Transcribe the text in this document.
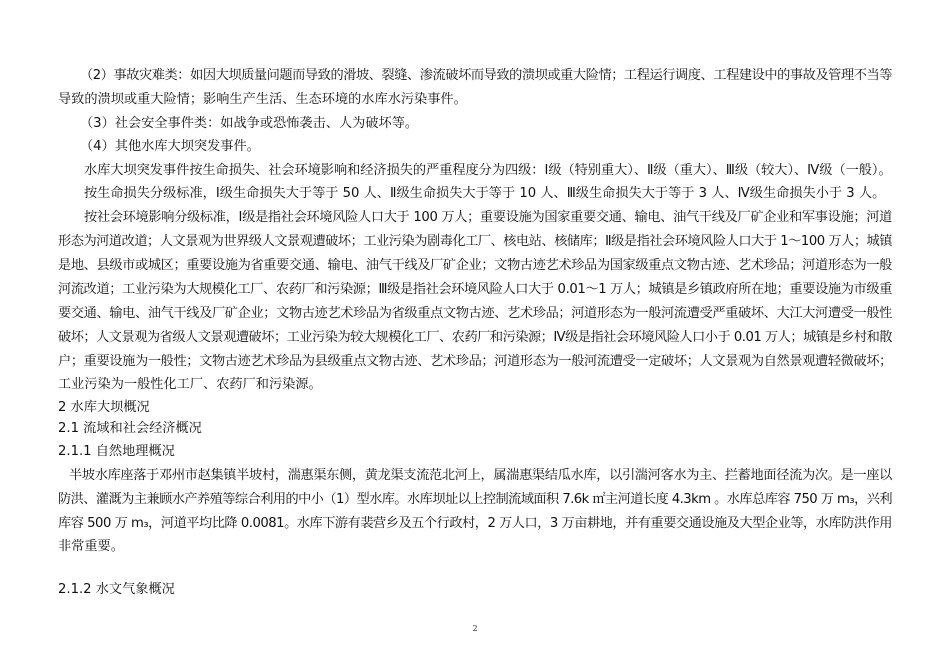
（2）事故灾难类：如因大坝质量问题而导致的滑坡、裂缝、渗流破坏而导致的溃坝或重大险情；工程运行调度、工程建设中的事故及管理不当等

导致的溃坝或重大险情；影响生产生活、生态环境的水库水污染事件。

（3）社会安全事件类：如战争或恐怖袭击、人为破坏等。

（4）其他水库大坝突发事件。

水库大坝突发事件按生命损失、社会环境影响和经济损失的严重程度分为四级：Ⅰ级（特别重大）、Ⅱ级（重大）、Ⅲ级（较大）、Ⅳ级（一般）。

按生命损失分级标准，Ⅰ级生命损失大于等于 50 人、Ⅱ级生命损失大于等于 10 人、Ⅲ级生命损失大于等于 3 人、Ⅳ级生命损失小于 3 人。

按社会环境影响分级标准，Ⅰ级是指社会环境风险人口大于 100 万人；重要设施为国家重要交通、输电、油气干线及厂矿企业和军事设施；河道

形态为河道改道；人文景观为世界级人文景观遭破坏；工业污染为剧毒化工厂、核电站、核储库；Ⅱ级是指社会环境风险人口大于 1～100 万人；城镇

是地、县级市或城区；重要设施为省重要交通、输电、油气干线及厂矿企业；文物古迹艺术珍品为国家级重点文物古迹、艺术珍品；河道形态为一般

河流改道；工业污染为大规模化工厂、农药厂和污染源；Ⅲ级是指社会环境风险人口大于 0.01～1 万人；城镇是乡镇政府所在地；重要设施为市级重

要交通、输电、油气干线及厂矿企业；文物古迹艺术珍品为省级重点文物古迹、艺术珍品；河道形态为一般河流遭受严重破坏、大江大河遭受一般性

破坏；人文景观为省级人文景观遭破坏；工业污染为较大规模化工厂、农药厂和污染源；Ⅳ级是指社会环境风险人口小于 0.01 万人；城镇是乡村和散

户；重要设施为一般性；文物古迹艺术珍品为县级重点文物古迹、艺术珍品；河道形态为一般河流遭受一定破坏；人文景观为自然景观遭轻微破坏；

工业污染为一般性化工厂、农药厂和污染源。

2 水库大坝概况

2.1 流域和社会经济概况

2.1.1 自然地理概况

半坡水库座落于邓州市赵集镇半坡村，湍惠渠东侧，黄龙渠支流范北河上，属湍惠渠结瓜水库，以引湍河客水为主、拦蓄地面径流为次。是一座以

防洪、灌溉为主兼顾水产养殖等综合利用的中小（1）型水库。水库坝址以上控制流域面积 7.6k ㎡主河道长度 4.3km 。水库总库容 750 万 m₃，兴利

库容 500 万 m₃，河道平均比降 0.0081。水库下游有裴营乡及五个行政村，2 万人口，3 万亩耕地，并有重要交通设施及大型企业等，水库防洪作用

非常重要。

2.1.2 水文气象概况

2
